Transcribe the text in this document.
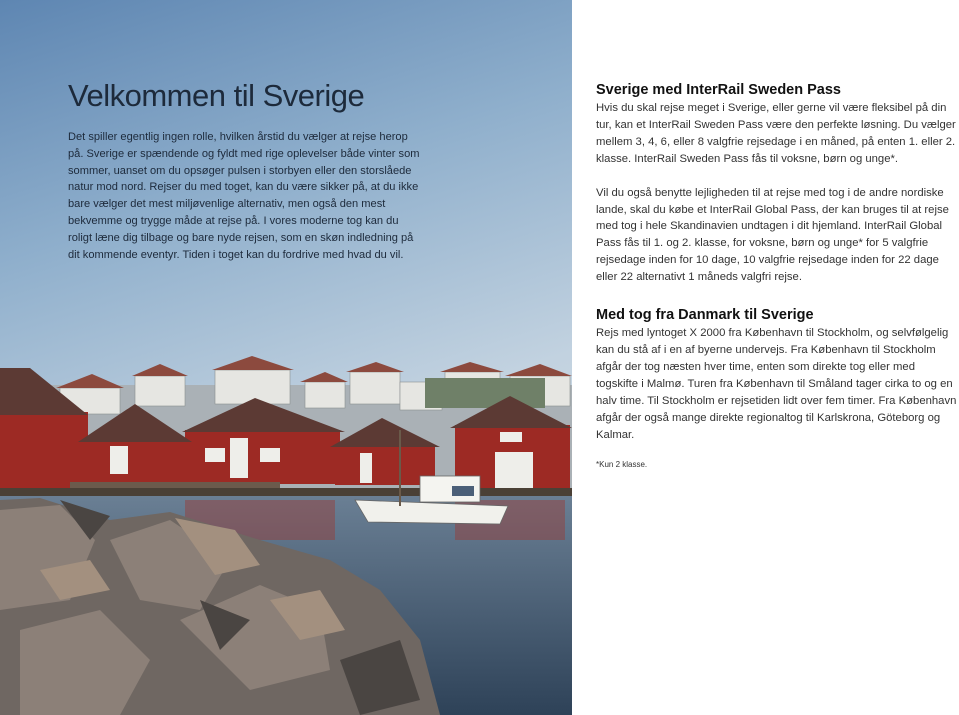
Velkommen til Sverige

Det spiller egentlig ingen rolle, hvilken årstid du vælger at rejse herop på. Sverige er spændende og fyldt med rige oplevelser både vinter som sommer, uanset om du opsøger pulsen i storbyen eller den storslåede natur mod nord. Rejser du med toget, kan du være sikker på, at du ikke bare vælger det mest miljøvenlige alternativ, men også den mest bekvemme og trygge måde at rejse på. I vores moderne tog kan du roligt læne dig tilbage og bare nyde rejsen, som en skøn indledning på dit kommende eventyr. Tiden i toget kan du fordrive med hvad du vil.

Sverige med InterRail Sweden Pass

Hvis du skal rejse meget i Sverige, eller gerne vil være fleksibel på din tur, kan et InterRail Sweden Pass være den perfekte løsning. Du vælger mellem 3, 4, 6, eller 8 valgfrie rejsedage i en måned, på enten 1. eller 2. klasse. InterRail Sweden Pass fås til voksne, børn og unge*.

Vil du også benytte lejligheden til at rejse med tog i de andre nordiske lande, skal du købe et InterRail Global Pass, der kan bruges til at rejse med tog i hele Skandinavien undtagen i dit hjemland. InterRail Global Pass fås til 1. og 2. klasse, for voksne, børn og unge* for 5 valgfrie rejsedage inden for 10 dage, 10 valgfrie rejsedage inden for 22 dage eller 22 alternativt 1 måneds valgfri rejse.

Med tog fra Danmark til Sverige

Rejs med lyntoget X 2000 fra København til Stockholm, og selvfølgelig kan du stå af i en af byerne undervejs. Fra København til Stockholm afgår der tog næsten hver time, enten som direkte tog eller med togskifte i Malmø. Turen fra København til Småland tager cirka to og en halv time. Til Stockholm er rejsetiden lidt over fem timer. Fra København afgår der også mange direkte regionaltog til Karlskrona, Göteborg og Kalmar.

*Kun 2 klasse.
